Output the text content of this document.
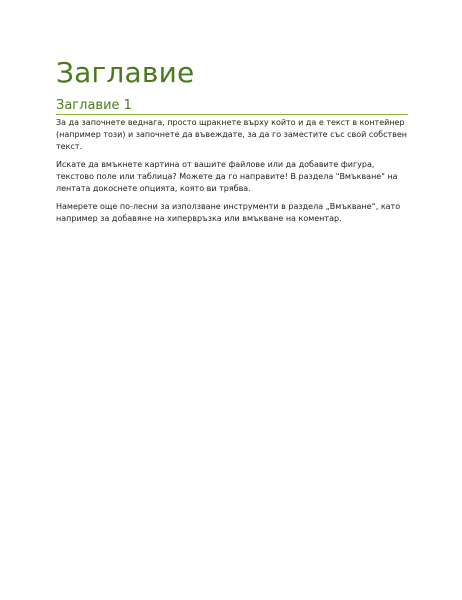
Заглавие
Заглавие 1

За да започнете веднага, просто щракнете върху който и да е текст в контейнер (например този) и започнете да въвеждате, за да го заместите със свой собствен текст.

Искате да вмъкнете картина от вашите файлове или да добавите фигура, текстово поле или таблица? Можете да го направите! В раздела "Вмъкване" на лентата докоснете опцията, която ви трябва.

Намерете още по-лесни за използване инструменти в раздела „Вмъкване“, като например за добавяне на хипервръзка или вмъкване на коментар.
